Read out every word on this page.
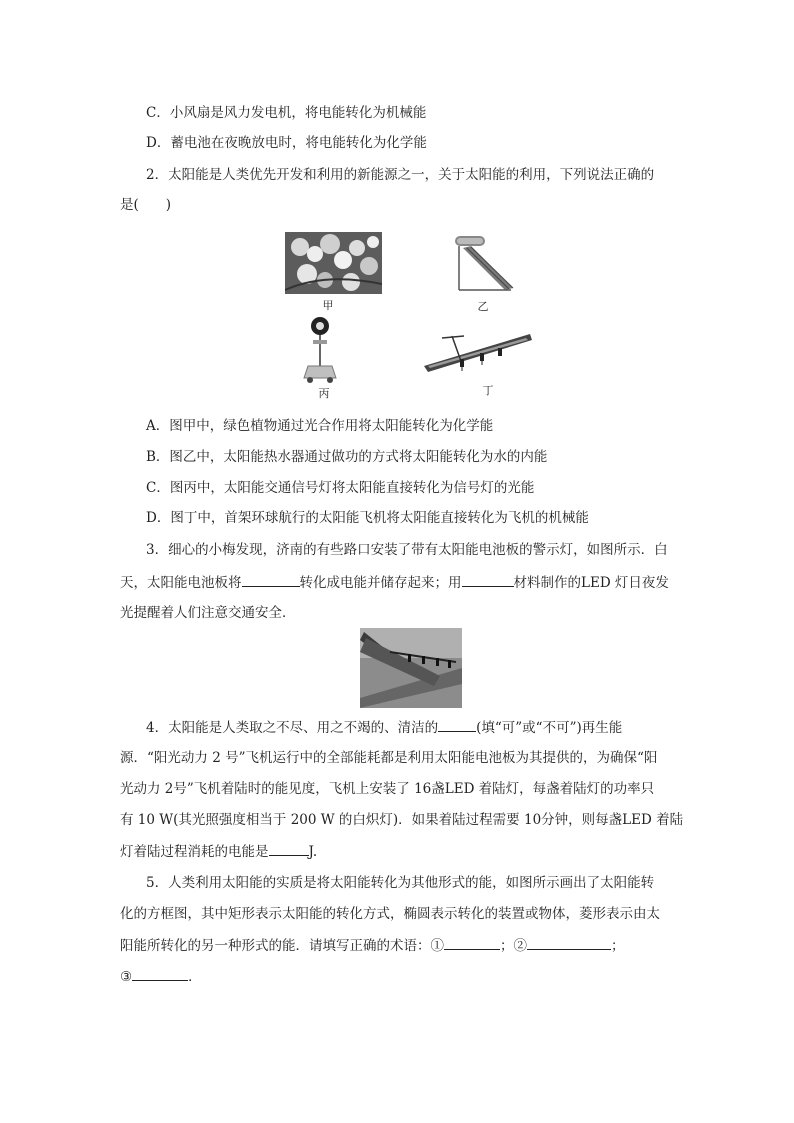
C．小风扇是风力发电机，将电能转化为机械能
D．蓄电池在夜晚放电时，将电能转化为化学能
2．太阳能是人类优先开发和利用的新能源之一，关于太阳能的利用，下列说法正确的
是(　　)
甲	乙
丙	丁
A．图甲中，绿色植物通过光合作用将太阳能转化为化学能
B．图乙中，太阳能热水器通过做功的方式将太阳能转化为水的内能
C．图丙中，太阳能交通信号灯将太阳能直接转化为信号灯的光能
D．图丁中，首架环球航行的太阳能飞机将太阳能直接转化为飞机的机械能
3．细心的小梅发现，济南的有些路口安装了带有太阳能电池板的警示灯，如图所示．白
天，太阳能电池板将	转化成电能并储存起来；用	材料制作的LED 灯日夜发
光提醒着人们注意交通安全．
4．太阳能是人类取之不尽、用之不竭的、清洁的	(填“可”或“不可”)再生能
源．“阳光动力 2 号”飞机运行中的全部能耗都是利用太阳能电池板为其提供的，为确保“阳
光动力 2号”飞机着陆时的能见度，飞机上安装了 16盏LED 着陆灯，每盏着陆灯的功率只
有 10 W(其光照强度相当于 200 W 的白炽灯)．如果着陆过程需要 10分钟，则每盏LED 着陆
灯着陆过程消耗的电能是	J.
5．人类利用太阳能的实质是将太阳能转化为其他形式的能，如图所示画出了太阳能转
化的方框图，其中矩形表示太阳能的转化方式，椭圆表示转化的装置或物体，菱形表示由太
阳能所转化的另一种形式的能．请填写正确的术语：①	；②	；
③	．
